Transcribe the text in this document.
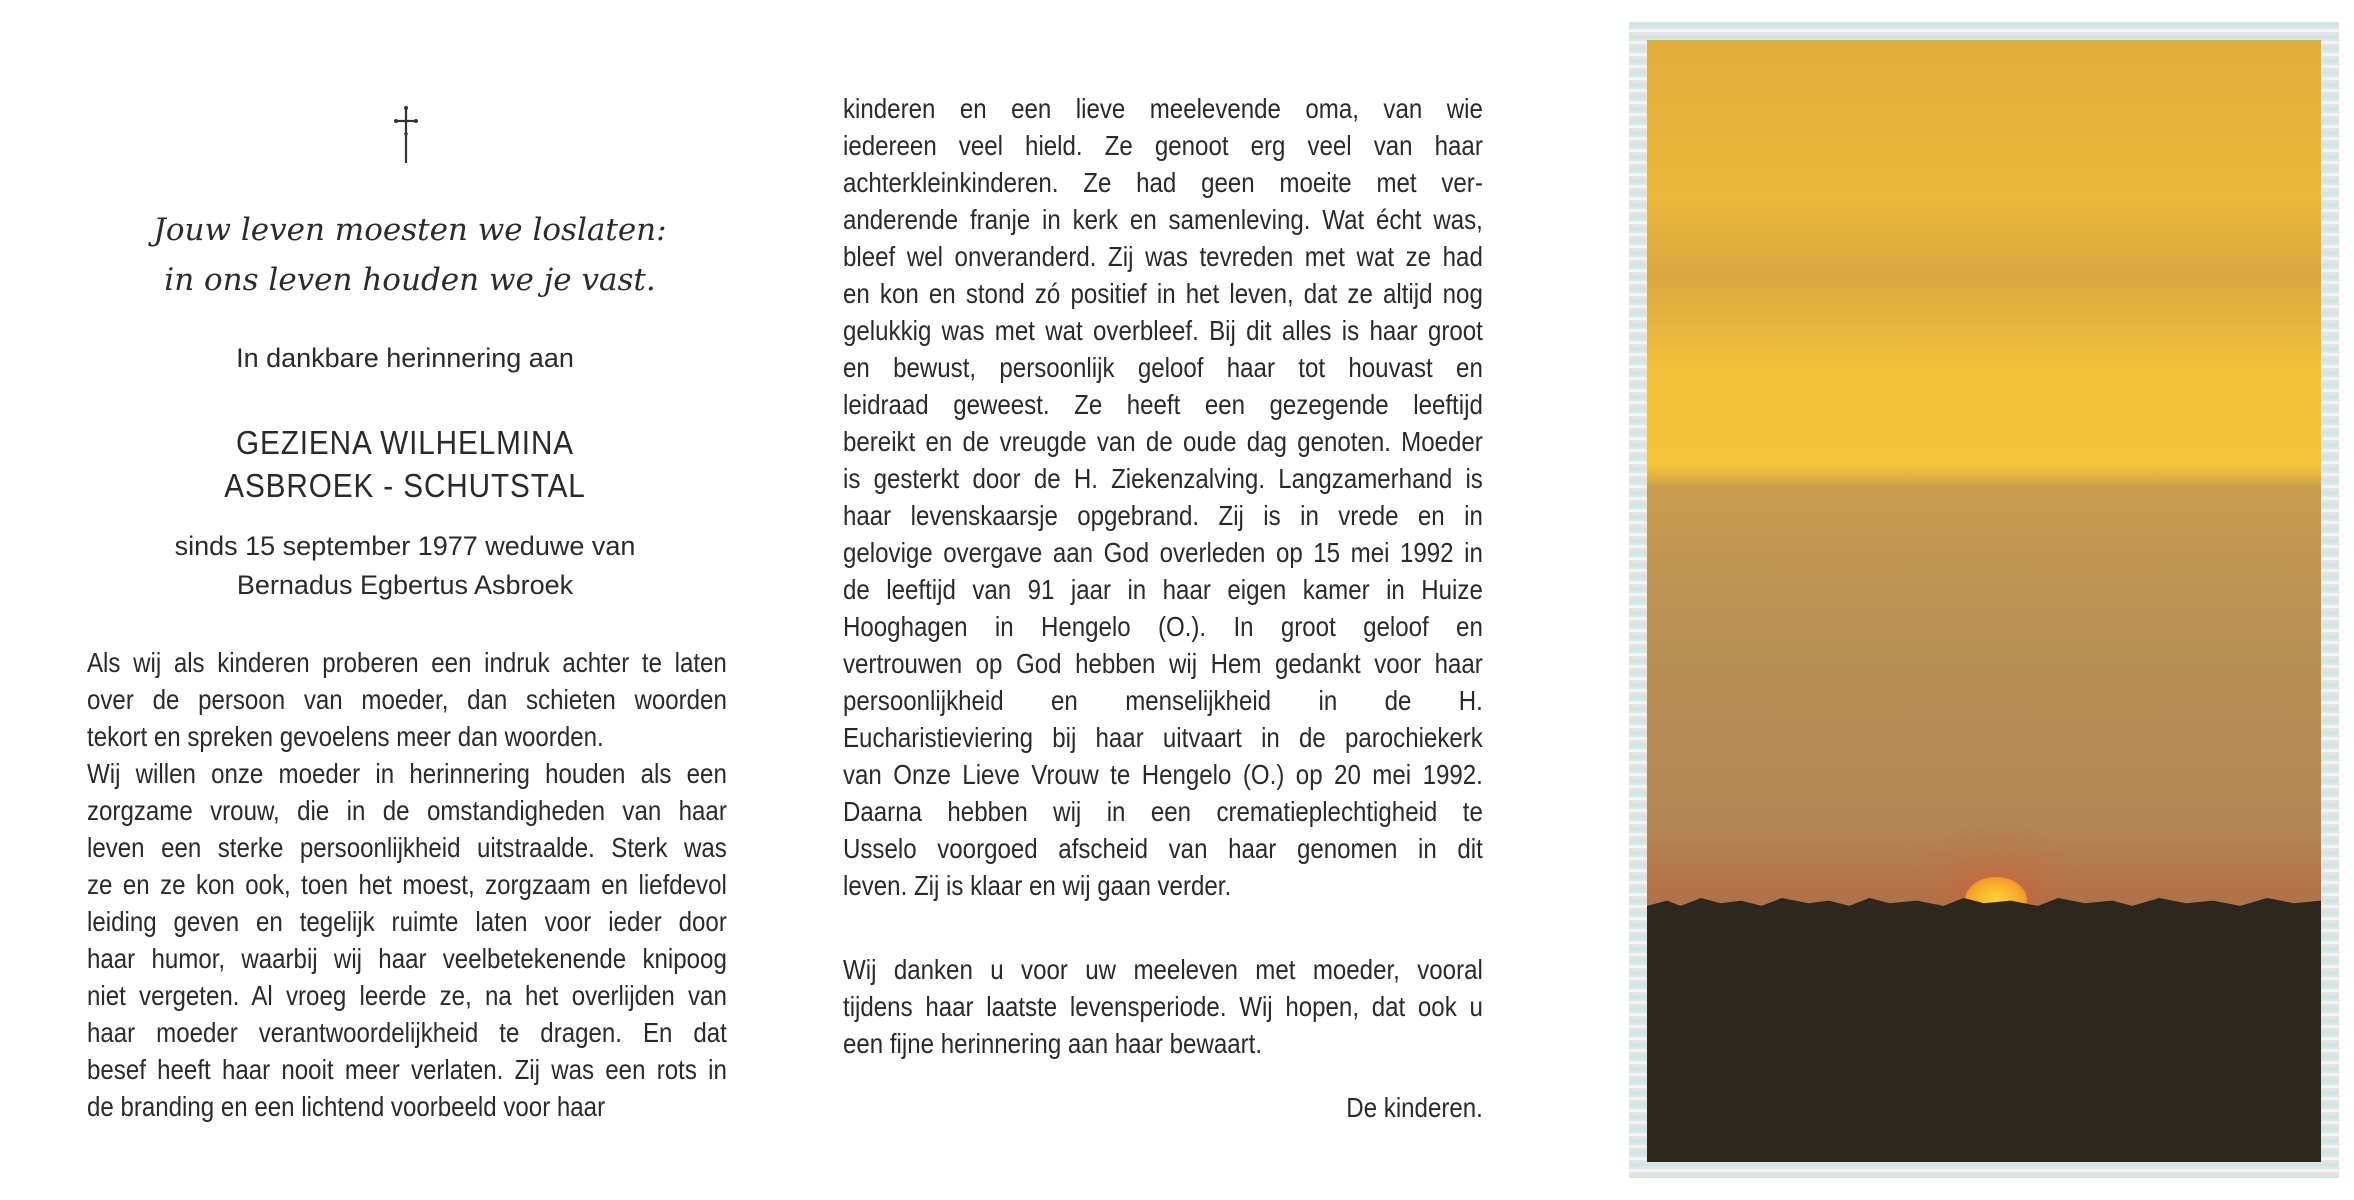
Jouw leven moesten we loslaten:
in ons leven houden we je vast.
In dankbare herinnering aan
GEZIENA WILHELMINA
ASBROEK - SCHUTSTAL
sinds 15 september 1977 weduwe van
Bernadus Egbertus Asbroek
Als wij als kinderen proberen een indruk achter te laten
over de persoon van moeder, dan schieten woorden
tekort en spreken gevoelens meer dan woorden.
Wij willen onze moeder in herinnering houden als een
zorgzame vrouw, die in de omstandigheden van haar
leven een sterke persoonlijkheid uitstraalde. Sterk was
ze en ze kon ook, toen het moest, zorgzaam en liefdevol
leiding geven en tegelijk ruimte laten voor ieder door
haar humor, waarbij wij haar veelbetekenende knipoog
niet vergeten. Al vroeg leerde ze, na het overlijden van
haar moeder verantwoordelijkheid te dragen. En dat
besef heeft haar nooit meer verlaten. Zij was een rots in
de branding en een lichtend voorbeeld voor haar
kinderen en een lieve meelevende oma, van wie
iedereen veel hield. Ze genoot erg veel van haar
achterkleinkinderen. Ze had geen moeite met ver-
anderende franje in kerk en samenleving. Wat écht was,
bleef wel onveranderd. Zij was tevreden met wat ze had
en kon en stond zó positief in het leven, dat ze altijd nog
gelukkig was met wat overbleef. Bij dit alles is haar groot
en bewust, persoonlijk geloof haar tot houvast en
leidraad geweest. Ze heeft een gezegende leeftijd
bereikt en de vreugde van de oude dag genoten. Moeder
is gesterkt door de H. Ziekenzalving. Langzamerhand is
haar levenskaarsje opgebrand. Zij is in vrede en in
gelovige overgave aan God overleden op 15 mei 1992 in
de leeftijd van 91 jaar in haar eigen kamer in Huize
Hooghagen in Hengelo (O.). In groot geloof en
vertrouwen op God hebben wij Hem gedankt voor haar
persoonlijkheid en menselijkheid in de H.
Eucharistieviering bij haar uitvaart in de parochiekerk
van Onze Lieve Vrouw te Hengelo (O.) op 20 mei 1992.
Daarna hebben wij in een crematieplechtigheid te
Usselo voorgoed afscheid van haar genomen in dit
leven. Zij is klaar en wij gaan verder.
Wij danken u voor uw meeleven met moeder, vooral
tijdens haar laatste levensperiode. Wij hopen, dat ook u
een fijne herinnering aan haar bewaart.
De kinderen.
